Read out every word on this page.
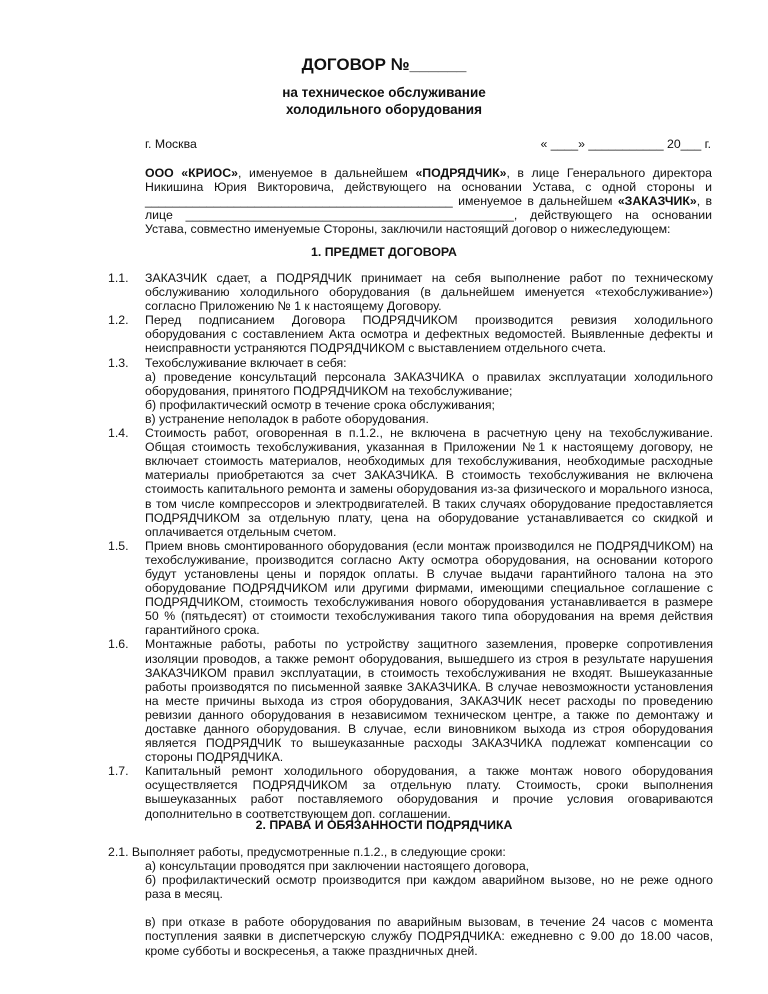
ДОГОВОР №______
на техническое обслуживание
холодильного оборудования
г. Москва	« ____» ___________ 20___ г.

ООО «КРИОС», именуемое в дальнейшем «ПОДРЯДЧИК», в лице Генерального директора Никишина Юрия Викторовича, действующего на основании Устава, с одной стороны и _____________________________________________ именуемое в дальнейшем «ЗАКАЗЧИК», в лице ________________________________________________, действующего на основании Устава, совместно именуемые Стороны, заключили настоящий договор о нижеследующем:

1. ПРЕДМЕТ ДОГОВОРА
1.1.	ЗАКАЗЧИК сдает, а ПОДРЯДЧИК принимает на себя выполнение работ по техническому обслуживанию холодильного оборудования (в дальнейшем именуется «техобслуживание») согласно Приложению № 1 к настоящему Договору.

1.2.	Перед подписанием Договора ПОДРЯДЧИКОМ производится ревизия холодильного оборудования с составлением Акта осмотра и дефектных ведомостей. Выявленные дефекты и неисправности устраняются ПОДРЯДЧИКОМ с выставлением отдельного счета.

1.3.	Техобслуживание включает в себя:

а) проведение консультаций персонала ЗАКАЗЧИКА о правилах эксплуатации холодильного оборудования, принятого ПОДРЯДЧИКОМ на техобслуживание;

б) профилактический осмотр в течение срока обслуживания;

в) устранение неполадок в работе оборудования.

1.4.	Стоимость работ, оговоренная в п.1.2., не включена в расчетную цену на техобслуживание. Общая стоимость техобслуживания, указанная в Приложении №1 к настоящему договору, не включает стоимость материалов, необходимых для техобслуживания, необходимые расходные материалы приобретаются за счет ЗАКАЗЧИКА. В стоимость техобслуживания не включена стоимость капитального ремонта и замены оборудования из-за физического и морального износа, в том числе компрессоров и электродвигателей. В таких случаях оборудование предоставляется ПОДРЯДЧИКОМ за отдельную плату, цена на оборудование устанавливается со скидкой и оплачивается отдельным счетом.

1.5.	Прием вновь смонтированного оборудования (если монтаж производился не ПОДРЯДЧИКОМ) на техобслуживание, производится согласно Акту осмотра оборудования, на основании которого будут установлены цены и порядок оплаты. В случае выдачи гарантийного талона на это оборудование ПОДРЯДЧИКОМ или другими фирмами, имеющими специальное соглашение с ПОДРЯДЧИКОМ, стоимость техобслуживания нового оборудования устанавливается в размере 50 % (пятьдесят) от стоимости техобслуживания такого типа оборудования на время действия гарантийного срока.

1.6.	Монтажные работы, работы по устройству защитного заземления, проверке сопротивления изоляции проводов, а также ремонт оборудования, вышедшего из строя в результате нарушения ЗАКАЗЧИКОМ правил эксплуатации, в стоимость техобслуживания не входят. Вышеуказанные работы производятся по письменной заявке ЗАКАЗЧИКА. В случае невозможности установления на месте причины выхода из строя оборудования, ЗАКАЗЧИК несет расходы по проведению ревизии данного оборудования в независимом техническом центре, а также по демонтажу и доставке данного оборудования. В случае, если виновником выхода из строя оборудования является ПОДРЯДЧИК то вышеуказанные расходы ЗАКАЗЧИКА подлежат компенсации со стороны ПОДРЯДЧИКА.

1.7.	Капитальный ремонт холодильного оборудования, а также монтаж нового оборудования осуществляется ПОДРЯДЧИКОМ за отдельную плату. Стоимость, сроки выполнения вышеуказанных работ поставляемого оборудования и прочие условия оговариваются дополнительно в соответствующем доп. соглашении.

2. ПРАВА И ОБЯЗАННОСТИ ПОДРЯДЧИКА

2.1. Выполняет работы, предусмотренные п.1.2., в следующие сроки:

а) консультации проводятся при заключении настоящего договора,

б) профилактический осмотр производится при каждом аварийном вызове, но не реже одного раза в месяц.

в) при отказе в работе оборудования по аварийным вызовам, в течение 24 часов с момента поступления заявки в диспетчерскую службу ПОДРЯДЧИКА: ежедневно с 9.00 до 18.00 часов, кроме субботы и воскресенья, а также праздничных дней.
